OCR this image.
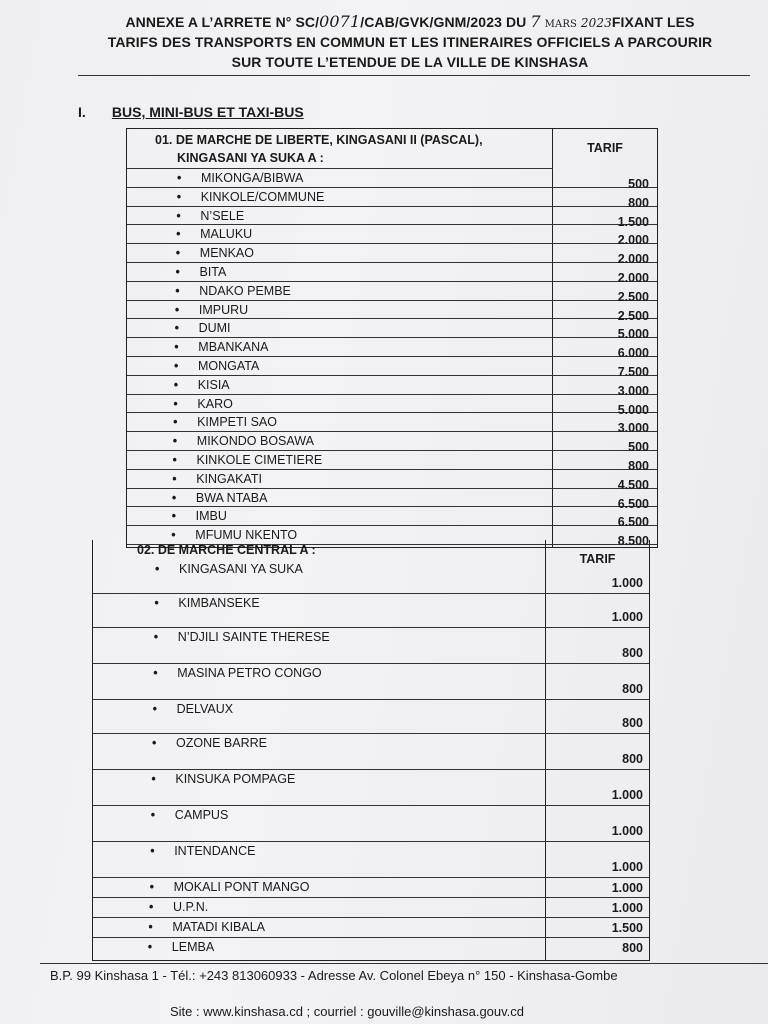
ANNEXE A L’ARRETE N° SC/0071/CAB/GVK/GNM/2023 DU 7 MARS 2023FIXANT LES
TARIFS DES TRANSPORTS EN COMMUN ET LES ITINERAIRES OFFICIELS A PARCOURIR
SUR TOUTE L’ETENDUE DE LA VILLE DE KINSHASA
I. BUS, MINI-BUS ET TAXI-BUS
01. DE MARCHE DE LIBERTE, KINGASANI II (PASCAL),
KINGASANI YA SUKA A :
TARIF
• MIKONGA/BIBWA	500
• KINKOLE/COMMUNE	800
• N’SELE	1.500
• MALUKU	2.000
• MENKAO	2.000
• BITA	2.000
• NDAKO PEMBE	2.500
• IMPURU	2.500
• DUMI	5.000
• MBANKANA	6.000
• MONGATA	7.500
• KISIA	3.000
• KARO	5.000
• KIMPETI SAO	3.000
• MIKONDO BOSAWA	500
• KINKOLE CIMETIERE	800
• KINGAKATI	4.500
• BWA NTABA	6.500
• IMBU	6.500
• MFUMU NKENTO	8.500
02. DE MARCHE CENTRAL A :
TARIF
• KINGASANI YA SUKA
1.000
• KIMBANSEKE
1.000
• N’DJILI SAINTE THERESE
800
• MASINA PETRO CONGO
800
• DELVAUX
800
• OZONE BARRE
800
• KINSUKA POMPAGE
1.000
• CAMPUS
1.000
• INTENDANCE
1.000
• MOKALI PONT MANGO	1.000
• U.P.N.	1.000
• MATADI KIBALA	1.500
• LEMBA	800
B.P. 99 Kinshasa 1 - Tél.: +243 813060933 - Adresse Av. Colonel Ebeya n° 150 - Kinshasa-Gombe
Site : www.kinshasa.cd ; courriel : gouville@kinshasa.gouv.cd
